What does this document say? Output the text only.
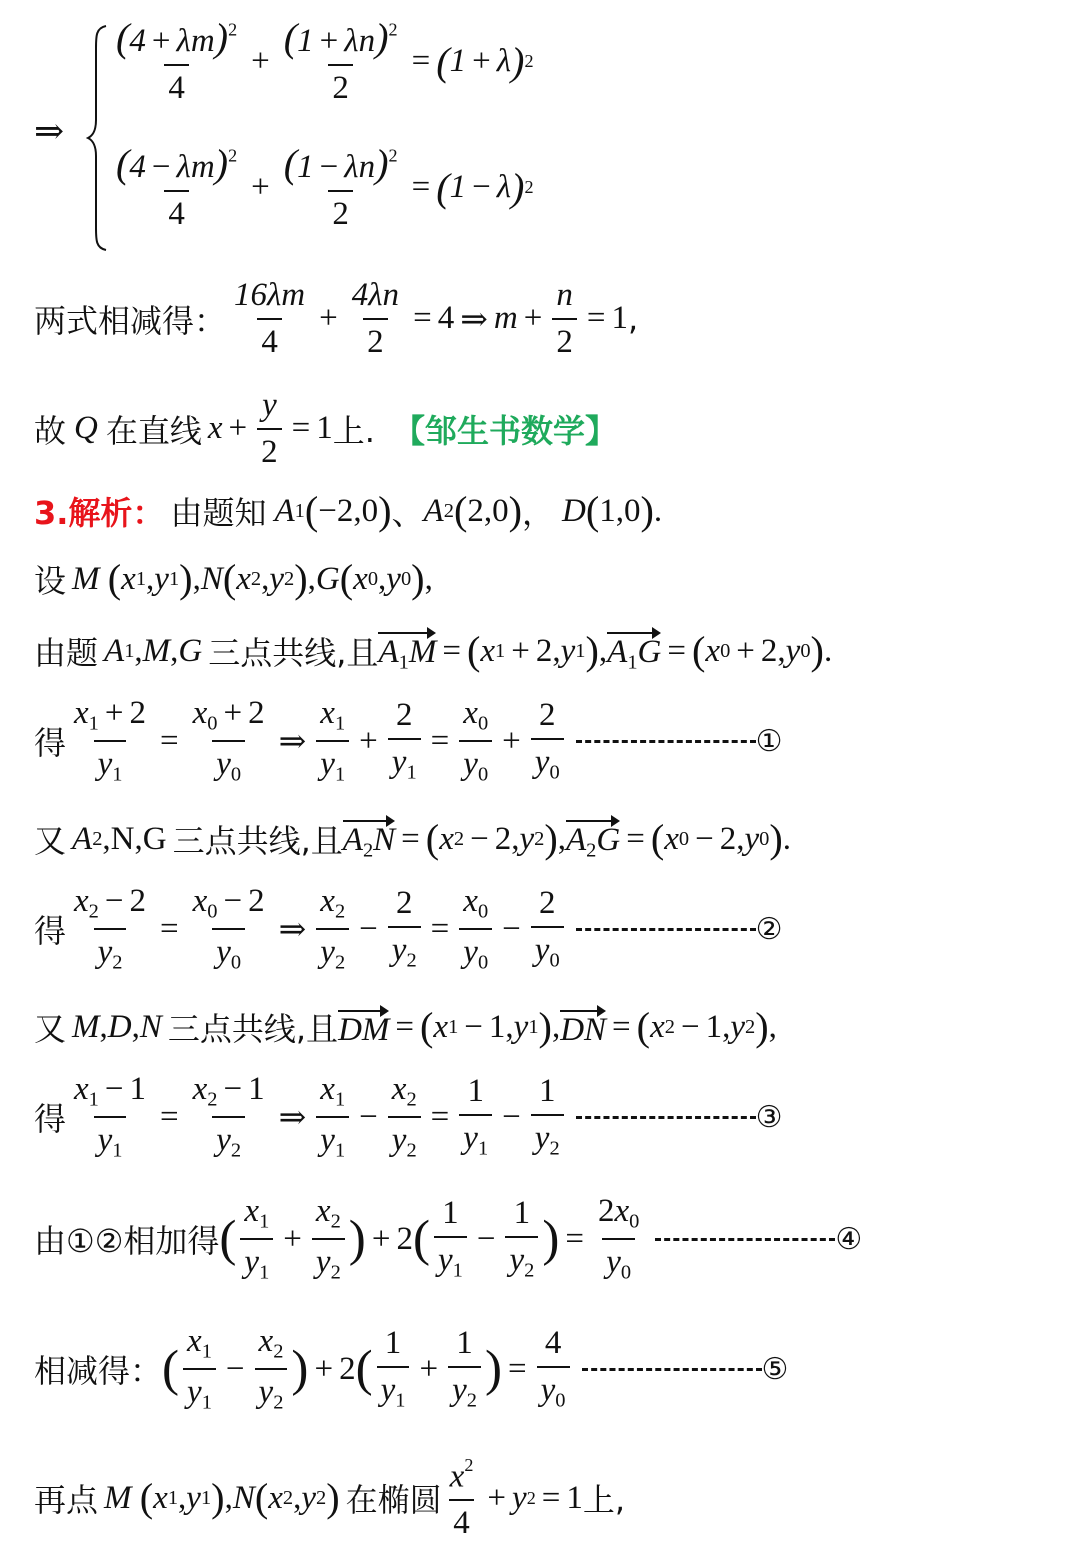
⇒
$\frac{(4 + \lambda m)^2}{4} + \frac{(1 + \lambda n)^2}{2}$ = ( 1 + λ ) 2
$\frac{(4 - \lambda m)^2}{4} + \frac{(1 - \lambda n)^2}{2}$ = ( 1 − λ ) 2
两式相减得： $\frac{16\lambda m}{4} + \frac{4\lambda n}{2} = 4$ ⇒ $m + \frac{n}{2} = 1$ ,
故 Q 在直线 $x + \frac{y}{2} = 1$ 上. 【邹生书数学】
3.解析： 由题知 A 1 ( −2,0 ) 、 A 2 ( 2,0 ) ， D ( 1,0 ) .
设 M
( x 1 , y 1 ) , N ( x 2 , y 2 ) , G ( x 0 , y 0 ) ,
由题 A 1 , M , G 三点共线,且 $A_1M$ = ( x 1 + 2, y 1 ) , $A_1G$ = ( x 0 + 2, y 0 ) .
得 $\frac{x_1 + 2}{y_1} = \frac{x_0 + 2}{y_0}$ ⇒ $\frac{x_1}{y_1} + \frac{2}{y_1} = \frac{x_0}{y_0} + \frac{2}{y_0}$	①
又 A 2 ,N,G 三点共线,且 $A_2N$ = ( x 2 − 2, y 2 ) , $A_2G$ = ( x 0 − 2, y 0 ) .
得 $\frac{x_2 - 2}{y_2} = \frac{x_0 - 2}{y_0}$ ⇒ $\frac{x_2}{y_2} - \frac{2}{y_2} = \frac{x_0}{y_0} - \frac{2}{y_0}$	②
又 M , D , N 三点共线,且 DM = ( x 1 − 1, y 1 ) , DN = ( x 2 − 1, y 2 ) ,
得 $\frac{x_1 - 1}{y_1} = \frac{x_2 - 1}{y_2}$ ⇒ $\frac{x_1}{y_1} - \frac{x_2}{y_2} = \frac{1}{y_1} - \frac{1}{y_2}$	③
由①②相加得 ( $\frac{x_1}{y_1} + \frac{x_2}{y_2}$ ) + 2 ( $\frac{1}{y_1} - \frac{1}{y_2}$ ) = $\frac{2x_0}{y_0}$	④
相减得： ( $\frac{x_1}{y_1} - \frac{x_2}{y_2}$ ) + 2 ( $\frac{1}{y_1} + \frac{1}{y_2}$ ) = $\frac{4}{y_0}$	⑤
再点 M
( x 1 , y 1 ) , N ( x 2 , y 2 ) 在椭圆 $\frac{x^2}{4} + y$ 2 = 1 上,
